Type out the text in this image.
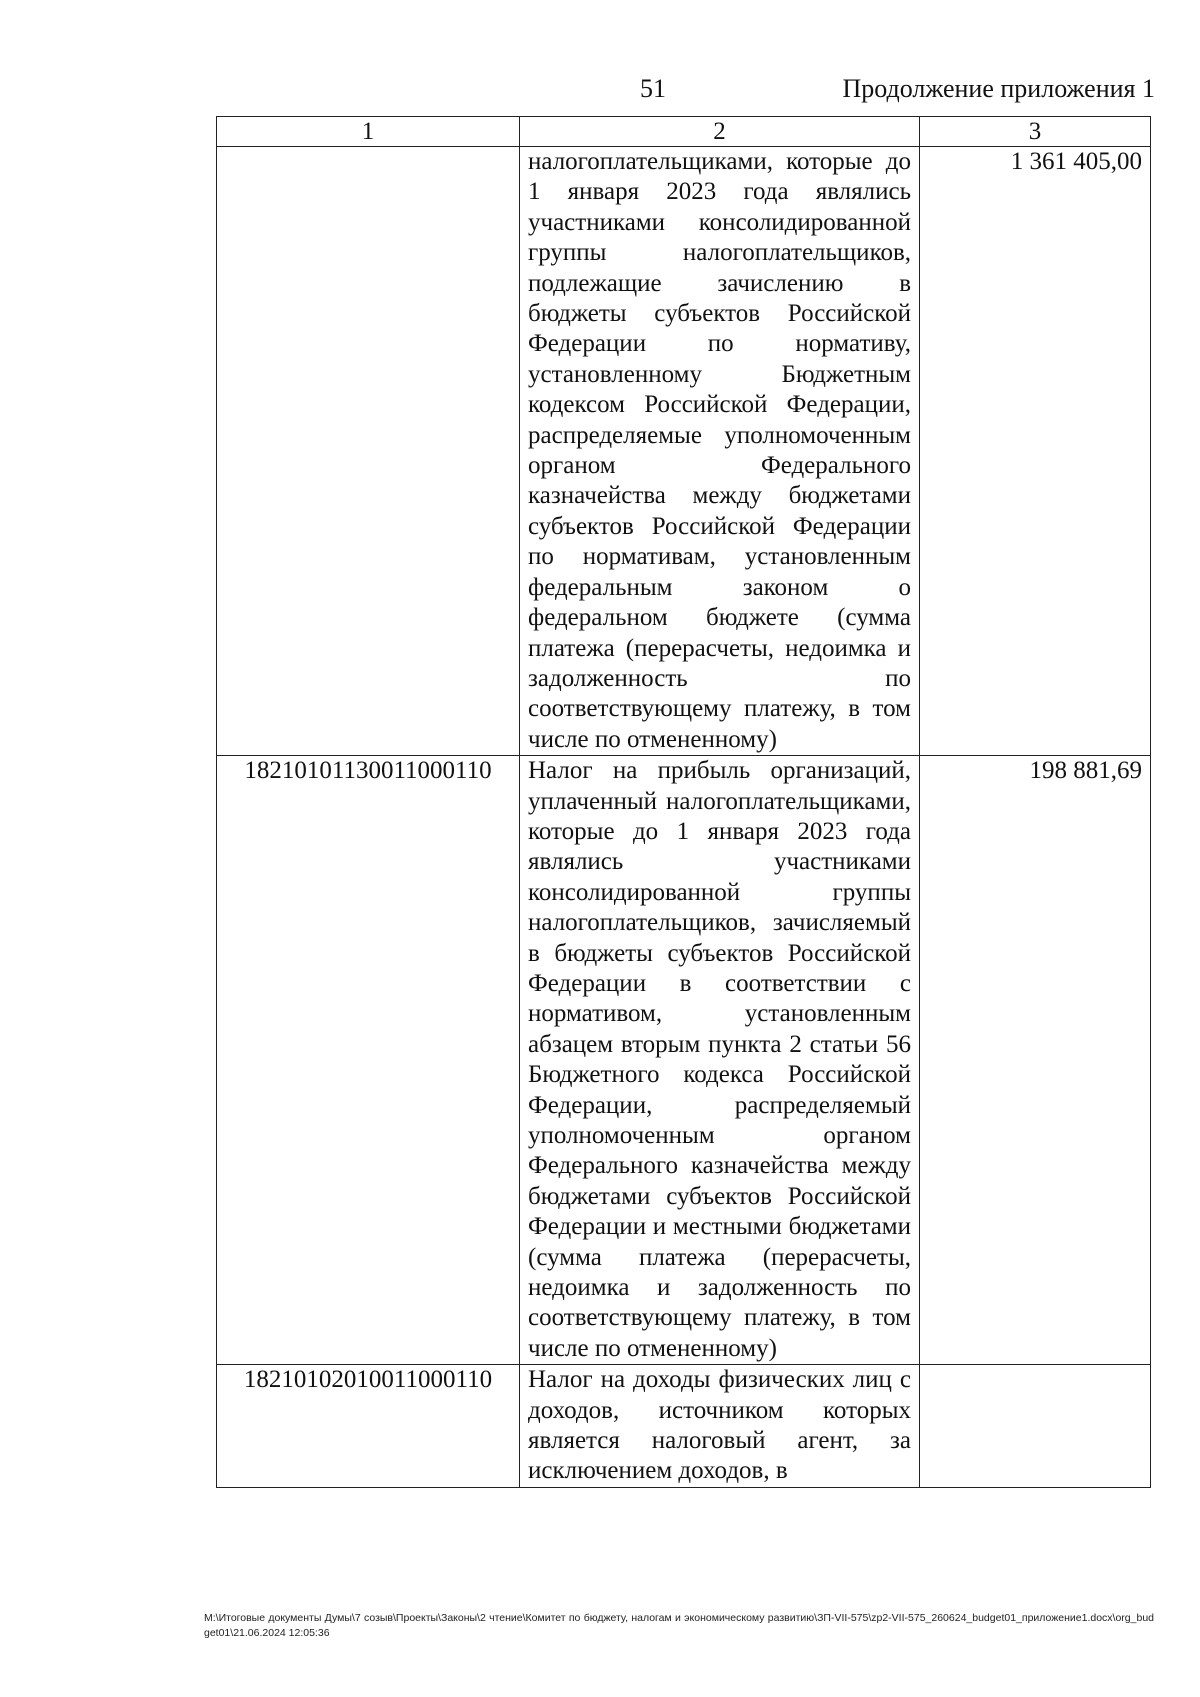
51	Продолжение приложения 1
1	2	3
	налогоплательщиками, которые до 1 января 2023 года являлись участниками консолидированной группы налогоплательщиков, подлежащие зачислению в бюджеты субъектов Российской Федерации по нормативу, установленному Бюджетным кодексом Российской Федерации, распределяемые уполномоченным органом Федерального казначейства между бюджетами субъектов Российской Федерации по нормативам, установленным федеральным законом о федеральном бюджете (сумма платежа (перерасчеты, недоимка и задолженность по соответствующему платежу, в том числе по отмененному)	1 361 405,00
18210101130011000110	Налог на прибыль организаций, уплаченный налогоплательщиками, которые до 1 января 2023 года являлись участниками консолидированной группы налогоплательщиков, зачисляемый в бюджеты субъектов Российской Федерации в соответствии с нормативом, установленным абзацем вторым пункта 2 статьи 56 Бюджетного кодекса Российской Федерации, распределяемый уполномоченным органом Федерального казначейства между бюджетами субъектов Российской Федерации и местными бюджетами (сумма платежа (перерасчеты, недоимка и задолженность по соответствующему платежу, в том числе по отмененному)	198 881,69
18210102010011000110	Налог на доходы физических лиц с доходов, источником которых является налоговый агент, за исключением доходов, в	
M:\Итоговые документы Думы\7 созыв\Проекты\Законы\2 чтение\Комитет по бюджету, налогам и экономическому развитию\ЗП-VII-575\zp2-VII-575_260624_budget01_приложение1.docx\org_budget01\21.06.2024 12:05:36
